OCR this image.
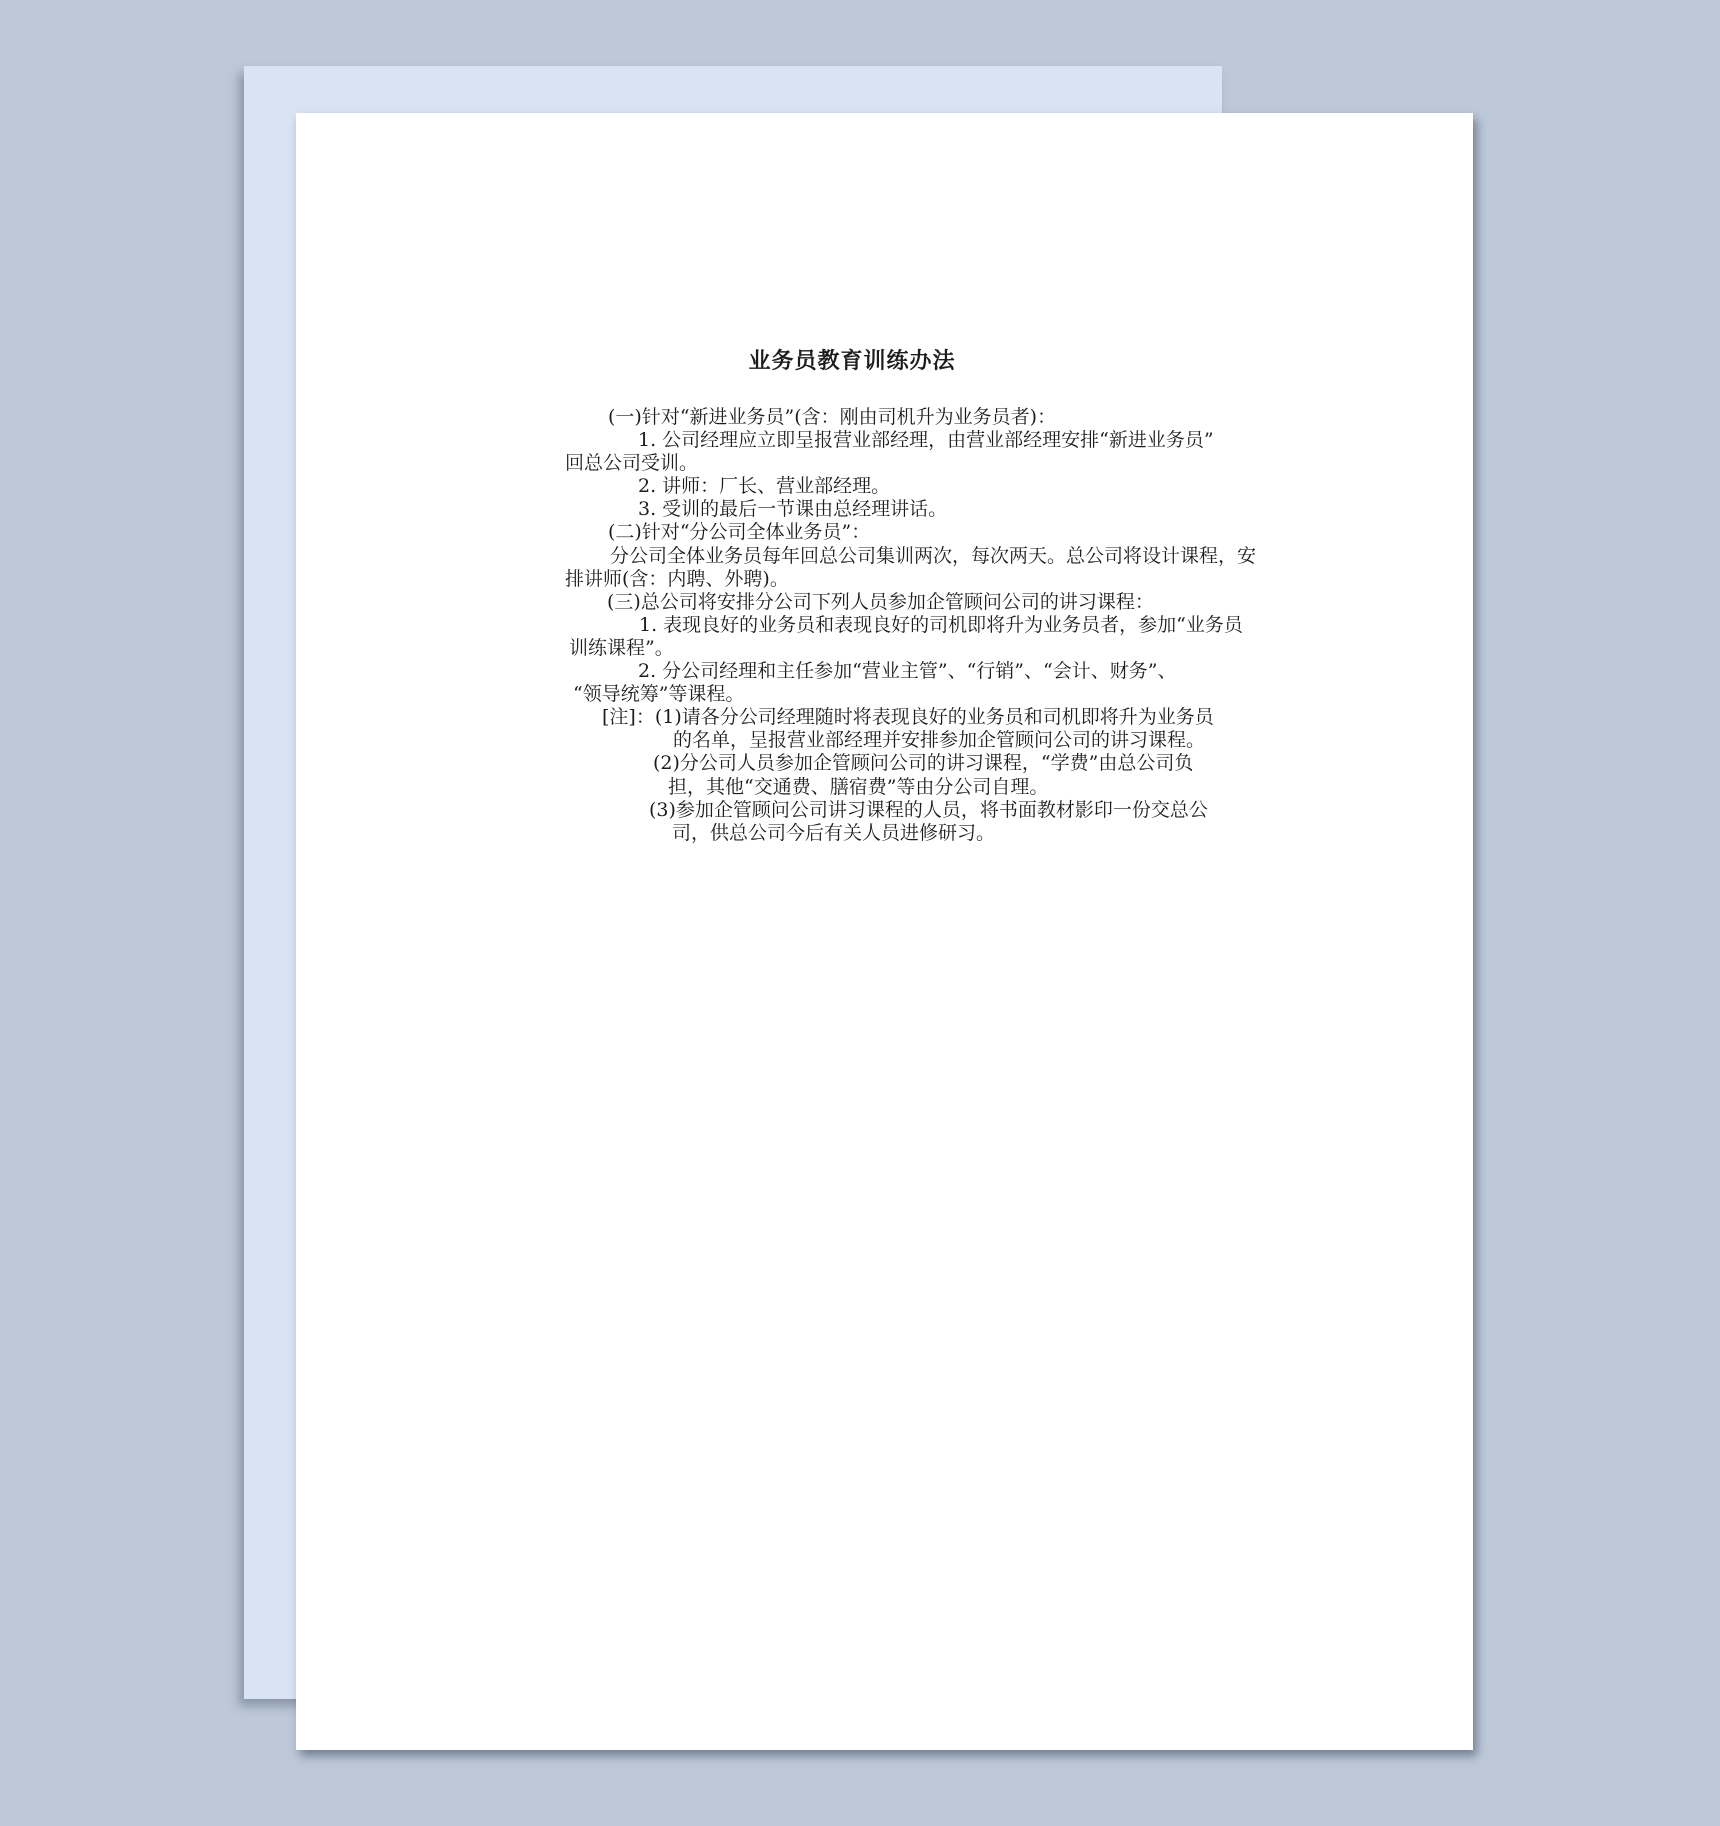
业务员教育训练办法
(一)针对“新进业务员”(含：刚由司机升为业务员者)：
1. 公司经理应立即呈报营业部经理，由营业部经理安排“新进业务员”
回总公司受训。
2. 讲师：厂长、营业部经理。
3. 受训的最后一节课由总经理讲话。
(二)针对“分公司全体业务员”：
分公司全体业务员每年回总公司集训两次，每次两天。总公司将设计课程，安
排讲师(含：内聘、外聘)。
(三)总公司将安排分公司下列人员参加企管顾问公司的讲习课程：
1. 表现良好的业务员和表现良好的司机即将升为业务员者，参加“业务员
训练课程”。
2. 分公司经理和主任参加“营业主管”、“行销”、“会计、财务”、
“领导统筹”等课程。
[注]：(1)请各分公司经理随时将表现良好的业务员和司机即将升为业务员
的名单，呈报营业部经理并安排参加企管顾问公司的讲习课程。
(2)分公司人员参加企管顾问公司的讲习课程，“学费”由总公司负
担，其他“交通费、膳宿费”等由分公司自理。
(3)参加企管顾问公司讲习课程的人员，将书面教材影印一份交总公
司，供总公司今后有关人员进修研习。
